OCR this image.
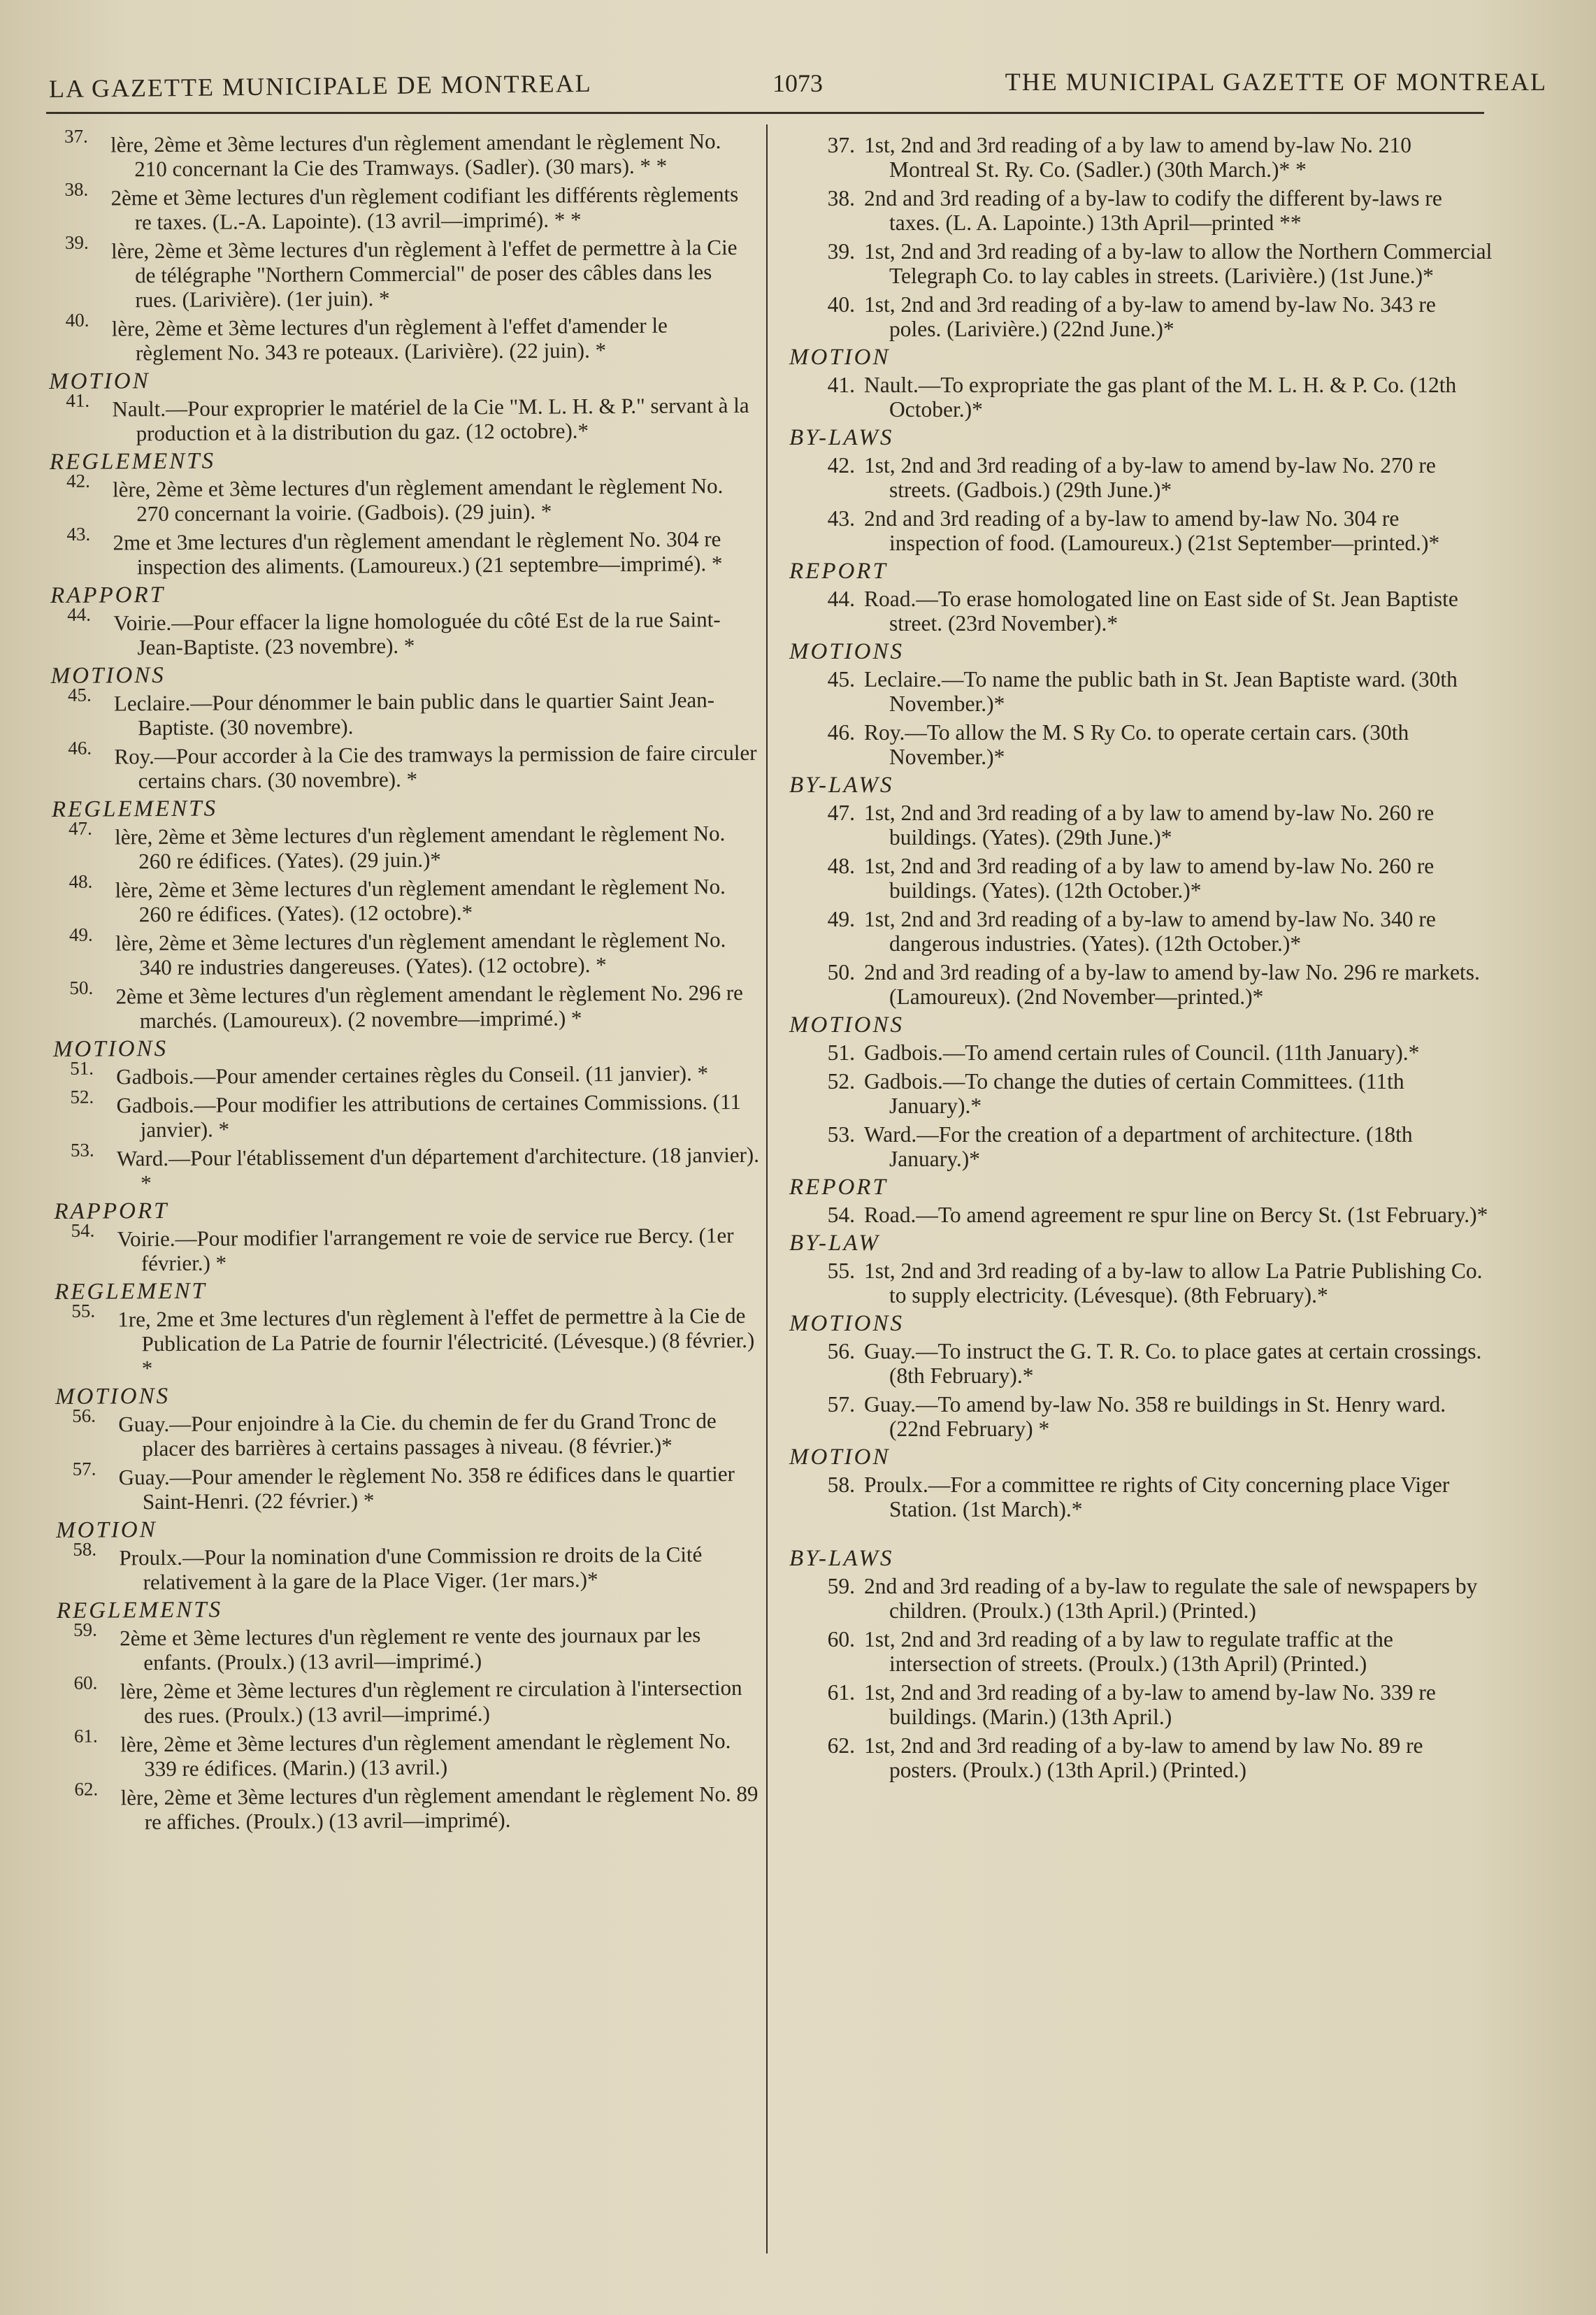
LA GAZETTE MUNICIPALE DE MONTREAL	1073	THE MUNICIPAL GAZETTE OF MONTREAL
37. lère, 2ème et 3ème lectures d'un règlement amendant le règlement No. 210 concernant la Cie des Tramways. (Sadler). (30 mars). * *
38. 2ème et 3ème lectures d'un règlement codifiant les différents règlements re taxes. (L.-A. Lapointe). (13 avril—imprimé). * *
39. lère, 2ème et 3ème lectures d'un règlement à l'effet de permettre à la Cie de télégraphe "Northern Commercial" de poser des câbles dans les rues. (Larivière). (1er juin). *
40. lère, 2ème et 3ème lectures d'un règlement à l'effet d'amender le règlement No. 343 re poteaux. (Larivière). (22 juin). *
MOTION
41. Nault.—Pour exproprier le matériel de la Cie "M. L. H. & P." servant à la production et à la distribution du gaz. (12 octobre).*
REGLEMENTS
42. lère, 2ème et 3ème lectures d'un règlement amendant le règlement No. 270 concernant la voirie. (Gadbois). (29 juin). *
43. 2me et 3me lectures d'un règlement amendant le règlement No. 304 re inspection des aliments. (Lamoureux.) (21 septembre—imprimé). *
RAPPORT
44. Voirie.—Pour effacer la ligne homologuée du côté Est de la rue Saint-Jean-Baptiste. (23 novembre). *
MOTIONS
45. Leclaire.—Pour dénommer le bain public dans le quartier Saint Jean-Baptiste. (30 novembre).
46. Roy.—Pour accorder à la Cie des tramways la permission de faire circuler certains chars. (30 novembre). *
REGLEMENTS
47. lère, 2ème et 3ème lectures d'un règlement amendant le règlement No. 260 re édifices. (Yates). (29 juin.)*
48. lère, 2ème et 3ème lectures d'un règlement amendant le règlement No. 260 re édifices. (Yates). (12 octobre).*
49. lère, 2ème et 3ème lectures d'un règlement amendant le règlement No. 340 re industries dangereuses. (Yates). (12 octobre). *
50. 2ème et 3ème lectures d'un règlement amendant le règlement No. 296 re marchés. (Lamoureux). (2 novembre—imprimé.) *
MOTIONS
51. Gadbois.—Pour amender certaines règles du Conseil. (11 janvier). *
52. Gadbois.—Pour modifier les attributions de certaines Commissions. (11 janvier). *
53. Ward.—Pour l'établissement d'un département d'architecture. (18 janvier). *
RAPPORT
54. Voirie.—Pour modifier l'arrangement re voie de service rue Bercy. (1er février.) *
REGLEMENT
55. 1re, 2me et 3me lectures d'un règlement à l'effet de permettre à la Cie de Publication de La Patrie de fournir l'électricité. (Lévesque.) (8 février.) *
MOTIONS
56. Guay.—Pour enjoindre à la Cie. du chemin de fer du Grand Tronc de placer des barrières à certains passages à niveau. (8 février.)*
57. Guay.—Pour amender le règlement No. 358 re édifices dans le quartier Saint-Henri. (22 février.) *
MOTION
58. Proulx.—Pour la nomination d'une Commission re droits de la Cité relativement à la gare de la Place Viger. (1er mars.)*
REGLEMENTS
59. 2ème et 3ème lectures d'un règlement re vente des journaux par les enfants. (Proulx.) (13 avril—imprimé.)
60. lère, 2ème et 3ème lectures d'un règlement re circulation à l'intersection des rues. (Proulx.) (13 avril—imprimé.)
61. lère, 2ème et 3ème lectures d'un règlement amendant le règlement No. 339 re édifices. (Marin.) (13 avril.)
62. lère, 2ème et 3ème lectures d'un règlement amendant le règlement No. 89 re affiches. (Proulx.) (13 avril—imprimé).
37. 1st, 2nd and 3rd reading of a by law to amend by-law No. 210 Montreal St. Ry. Co. (Sadler.) (30th March.)* *
38. 2nd and 3rd reading of a by-law to codify the different by-laws re taxes. (L. A. Lapointe.) 13th April—printed **
39. 1st, 2nd and 3rd reading of a by-law to allow the Northern Commercial Telegraph Co. to lay cables in streets. (Larivière.) (1st June.)*
40. 1st, 2nd and 3rd reading of a by-law to amend by-law No. 343 re poles. (Larivière.) (22nd June.)*
MOTION
41. Nault.—To expropriate the gas plant of the M. L. H. & P. Co. (12th October.)*
BY-LAWS
42. 1st, 2nd and 3rd reading of a by-law to amend by-law No. 270 re streets. (Gadbois.) (29th June.)*
43. 2nd and 3rd reading of a by-law to amend by-law No. 304 re inspection of food. (Lamoureux.) (21st September—printed.)*
REPORT
44. Road.—To erase homologated line on East side of St. Jean Baptiste street. (23rd November).*
MOTIONS
45. Leclaire.—To name the public bath in St. Jean Baptiste ward. (30th November.)*
46. Roy.—To allow the M. S Ry Co. to operate certain cars. (30th November.)*
BY-LAWS
47. 1st, 2nd and 3rd reading of a by law to amend by-law No. 260 re buildings. (Yates). (29th June.)*
48. 1st, 2nd and 3rd reading of a by law to amend by-law No. 260 re buildings. (Yates). (12th October.)*
49. 1st, 2nd and 3rd reading of a by-law to amend by-law No. 340 re dangerous industries. (Yates). (12th October.)*
50. 2nd and 3rd reading of a by-law to amend by-law No. 296 re markets. (Lamoureux). (2nd November—printed.)*
MOTIONS
51. Gadbois.—To amend certain rules of Council. (11th January).*
52. Gadbois.—To change the duties of certain Committees. (11th January).*
53. Ward.—For the creation of a department of architecture. (18th January.)*
REPORT
54. Road.—To amend agreement re spur line on Bercy St. (1st February.)*
BY-LAW
55. 1st, 2nd and 3rd reading of a by-law to allow La Patrie Publishing Co. to supply electricity. (Lévesque). (8th February).*
MOTIONS
56. Guay.—To instruct the G. T. R. Co. to place gates at certain crossings. (8th February).*
57. Guay.—To amend by-law No. 358 re buildings in St. Henry ward. (22nd February) *
MOTION
58. Proulx.—For a committee re rights of City concerning place Viger Station. (1st March).*
BY-LAWS
59. 2nd and 3rd reading of a by-law to regulate the sale of newspapers by children. (Proulx.) (13th April.) (Printed.)
60. 1st, 2nd and 3rd reading of a by law to regulate traffic at the intersection of streets. (Proulx.) (13th April) (Printed.)
61. 1st, 2nd and 3rd reading of a by-law to amend by-law No. 339 re buildings. (Marin.) (13th April.)
62. 1st, 2nd and 3rd reading of a by-law to amend by law No. 89 re posters. (Proulx.) (13th April.) (Printed.)
